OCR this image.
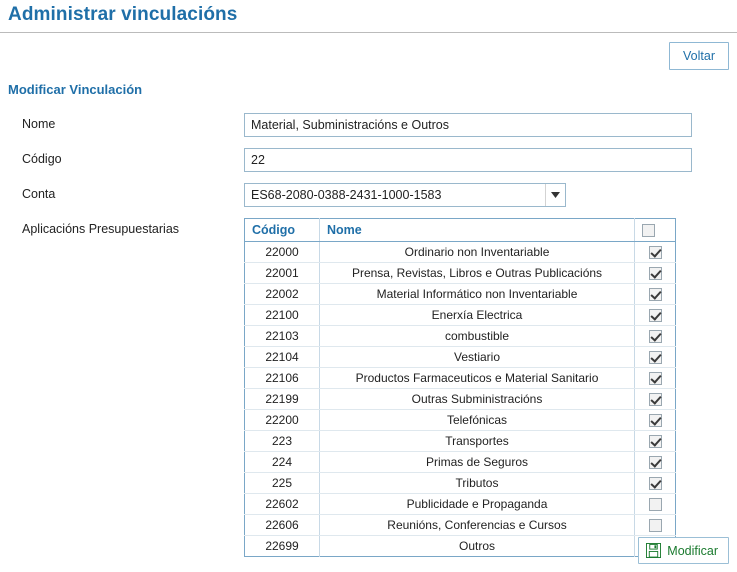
Administrar vinculacións
Voltar
Modificar Vinculación
Nome
Material, Subministracións e Outros
Código
22
Conta
ES68-2080-0388-2431-1000-1583
Aplicacións Presupuestarias	Código	Nome	
22000	Ordinario non Inventariable	
22001	Prensa, Revistas, Libros e Outras Publicacións	
22002	Material Informático non Inventariable	
22100	Enerxía Electrica	
22103	combustible	
22104	Vestiario	
22106	Productos Farmaceuticos e Material Sanitario	
22199	Outras Subministracións	
22200	Telefónicas	
223	Transportes	
224	Primas de Seguros	
225	Tributos	
22602	Publicidade e Propaganda	
22606	Reunións, Conferencias e Cursos	
22699	Outros		Modificar
